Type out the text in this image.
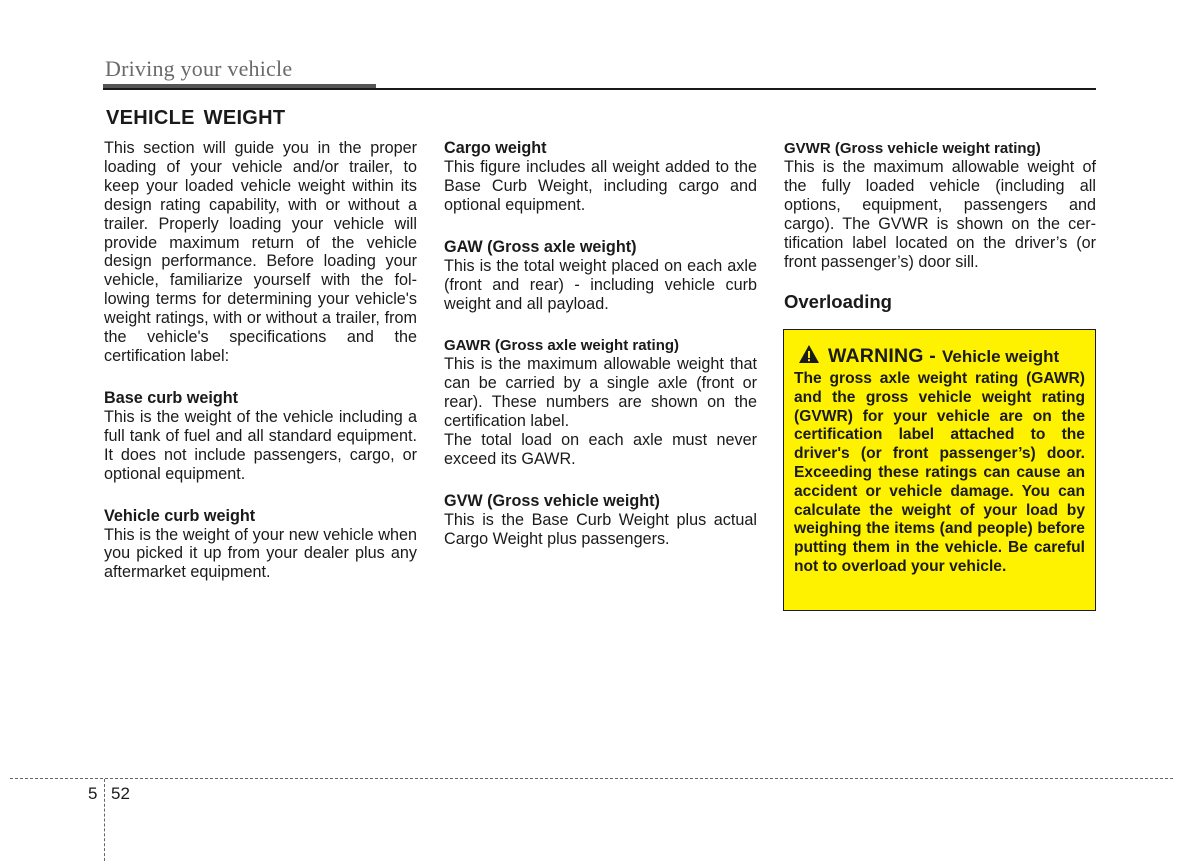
Driving your vehicle
VEHICLE WEIGHT

This section will guide you in the proper loading of your vehicle and/or trailer, to keep your loaded vehicle weight within its design rating capability, with or without a trailer. Properly loading your vehicle will provide maximum return of the vehicle design performance. Before loading your vehicle, familiarize yourself with the following terms for determining your vehicle's weight ratings, with or without a trailer, from the vehicle's specifications and the certification label:

Base curb weight

This is the weight of the vehicle including a full tank of fuel and all standard equipment. It does not include passengers, cargo, or optional equipment.

Vehicle curb weight

This is the weight of your new vehicle when you picked it up from your dealer plus any aftermarket equipment.

Cargo weight

This figure includes all weight added to the Base Curb Weight, including cargo and optional equipment.

GAW (Gross axle weight)

This is the total weight placed on each axle (front and rear) - including vehicle curb weight and all payload.

GAWR (Gross axle weight rating)

This is the maximum allowable weight that can be carried by a single axle (front or rear). These numbers are shown on the certification label.

The total load on each axle must never exceed its GAWR.

GVW (Gross vehicle weight)

This is the Base Curb Weight plus actual Cargo Weight plus passengers.

GVWR (Gross vehicle weight rating)

This is the maximum allowable weight of the fully loaded vehicle (including all options, equipment, passengers and cargo). The GVWR is shown on the certification label located on the driver’s (or front passenger’s) door sill.

Overloading

WARNING - Vehicle weight

The gross axle weight rating (GAWR) and the gross vehicle weight rating (GVWR) for your vehicle are on the certification label attached to the driver's (or front passenger’s) door. Exceeding these ratings can cause an accident or vehicle damage. You can calculate the weight of your load by weighing the items (and people) before putting them in the vehicle. Be careful not to overload your vehicle.

5 52
